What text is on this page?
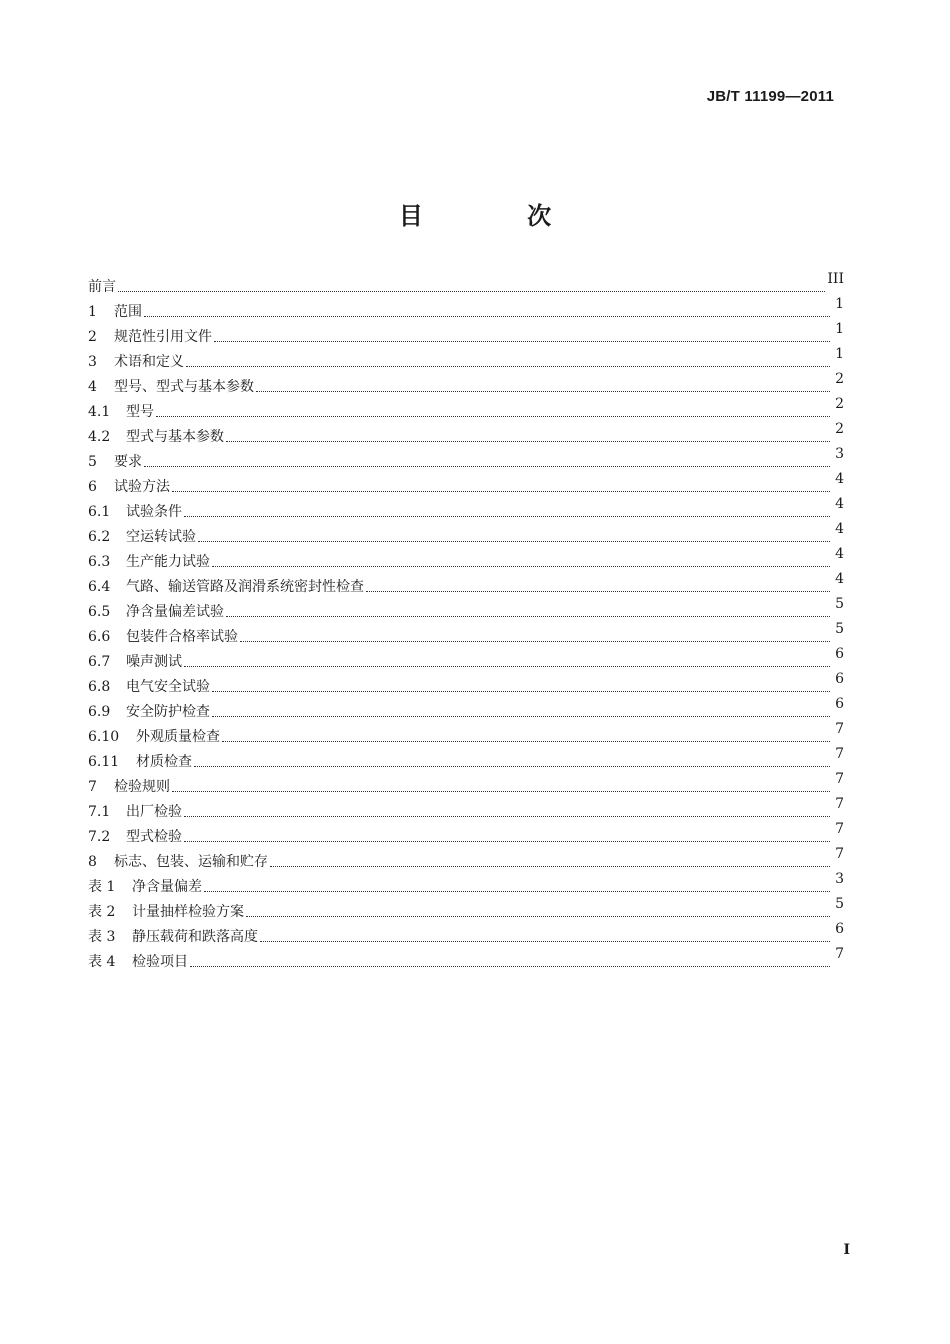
JB/T 11199—2011
目 次
前言	III
1	范围	1
2	规范性引用文件	1
3	术语和定义	1
4	型号、型式与基本参数	2
4.1	型号	2
4.2	型式与基本参数	2
5	要求	3
6	试验方法	4
6.1	试验条件	4
6.2	空运转试验	4
6.3	生产能力试验	4
6.4	气路、输送管路及润滑系统密封性检查	4
6.5	净含量偏差试验	5
6.6	包装件合格率试验	5
6.7	噪声测试	6
6.8	电气安全试验	6
6.9	安全防护检查	6
6.10	外观质量检查	7
6.11	材质检查	7
7	检验规则	7
7.1	出厂检验	7
7.2	型式检验	7
8	标志、包装、运输和贮存	7
表 1	净含量偏差	3
表 2	计量抽样检验方案	5
表 3	静压载荷和跌落高度	6
表 4	检验项目	7
I
